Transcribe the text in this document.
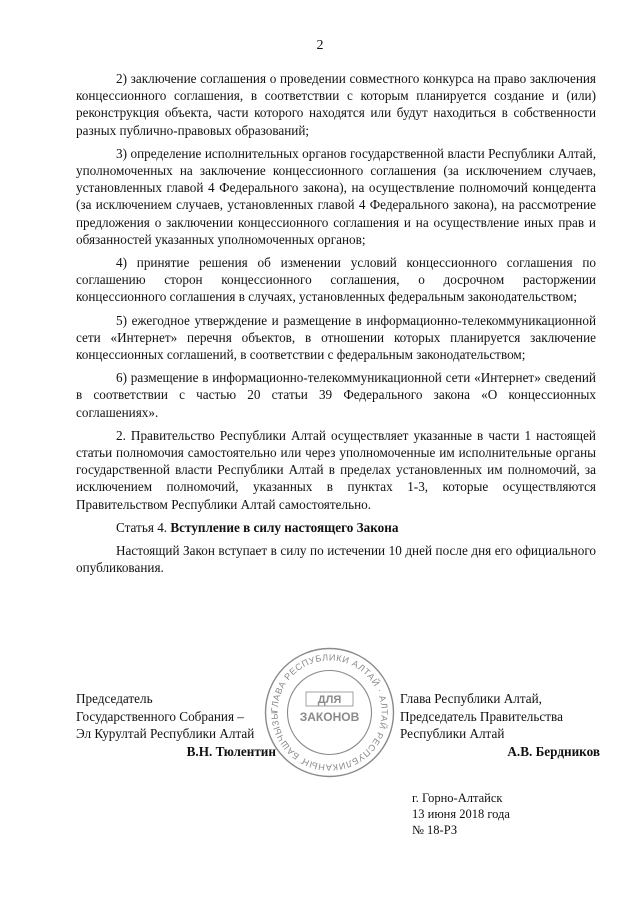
2

2) заключение соглашения о проведении совместного конкурса на право заключения концессионного соглашения, в соответствии с которым планируется создание и (или) реконструкция объекта, части которого находятся или будут находиться в собственности разных публично-правовых образований;

3) определение исполнительных органов государственной власти Республики Алтай, уполномоченных на заключение концессионного соглашения (за исключением случаев, установленных главой 4 Федерального закона), на осуществление полномочий концедента (за исключением случаев, установленных главой 4 Федерального закона), на рассмотрение предложения о заключении концессионного соглашения и на осуществление иных прав и обязанностей указанных уполномоченных органов;

4) принятие решения об изменении условий концессионного соглашения по соглашению сторон концессионного соглашения, о досрочном расторжении концессионного соглашения в случаях, установленных федеральным законодательством;

5) ежегодное утверждение и размещение в информационно-телекоммуникационной сети «Интернет» перечня объектов, в отношении которых планируется заключение концессионных соглашений, в соответствии с федеральным законодательством;

6) размещение в информационно-телекоммуникационной сети «Интернет» сведений в соответствии с частью 20 статьи 39 Федерального закона «О концессионных соглашениях».

2. Правительство Республики Алтай осуществляет указанные в части 1 настоящей статьи полномочия самостоятельно или через уполномоченные им исполнительные органы государственной власти Республики Алтай в пределах установленных им полномочий, за исключением полномочий, указанных в пунктах 1-3, которые осуществляются Правительством Республики Алтай самостоятельно.

Статья 4. Вступление в силу настоящего Закона

Настоящий Закон вступает в силу по истечении 10 дней после дня его официального опубликования.

Председатель
Государственного Собрания –
Эл Курултай Республики Алтай
В.Н. Тюлентин
ГЛАВА РЕСПУБЛИКИ АЛТАЙ · АЛТАЙ РЕСПУБЛИКАНЫҤ БАШЧЫЗЫ
ДЛЯ
ЗАКОНОВ
Глава Республики Алтай,
Председатель Правительства
Республики Алтай
А.В. Бердников
г. Горно-Алтайск
13 июня 2018 года
№ 18-РЗ
